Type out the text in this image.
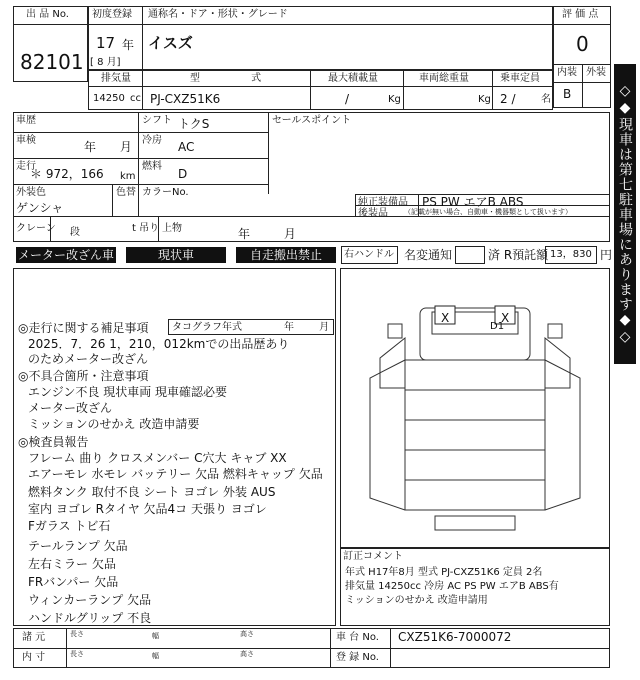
出 品 No.
82101
初度登録 通称名・ドア・形状・グレード
17 年
[ 8 月]
イスズ
評 価 点
0
内装 外装
B
排気量	型 式	最大積載量	車両総重量	乗車定員
14250 cc PJ-CXZ51K6	/	Kg	Kg 2 /	名
車歴	シフト トクS	セールスポイント
車検	年 月 冷房 AC
走行
＊ 972，166 km
燃料
D
外装色
ゲンシャ
色替 カラーNo.
純正装備品 PS PW エアB ABS
後装品 （記載が無い場合、自動車・機器類として扱います）
クレーン 段	t 吊り 上物	年 月
メーター改ざん車	現状車	自走搬出禁止	右ハンドル 名変通知	済 R預託額 13，830 円
◎走行に関する補足事項 タコグラフ年式	年 月
2025．7．26 1，210，012kmでの出品歴あり
のためメーター改ざん
◎不具合箇所・注意事項
エンジン不良 現状車両 現車確認必要
メーター改ざん
ミッションのせかえ 改造申請要
◎検査員報告
フレーム 曲り クロスメンバー C穴大 キャブ XX
エアーモレ 水モレ バッテリー 欠品 燃料キャップ 欠品
燃料タンク 取付不良 シート ヨゴレ 外装 AUS
室内 ヨゴレ Rタイヤ 欠品4コ 天張り ヨゴレ
Fガラス トビ石
テールランプ 欠品
左右ミラー 欠品
FRバンパー 欠品
ウィンカーランプ 欠品
ハンドルグリップ 不良
X	X
D1
訂正コメント
年式 H17年8月 型式 PJ-CXZ51K6 定員 2名
排気量 14250cc 冷房 AC PS PW エアB ABS有
ミッションのせかえ 改造申請用
諸 元
内 寸
長さ	幅	高さ
長さ	幅	高さ
車 台 No. CXZ51K6-7000072
登 録 No.
◇◆現車は第七駐車場にあります◆◇
